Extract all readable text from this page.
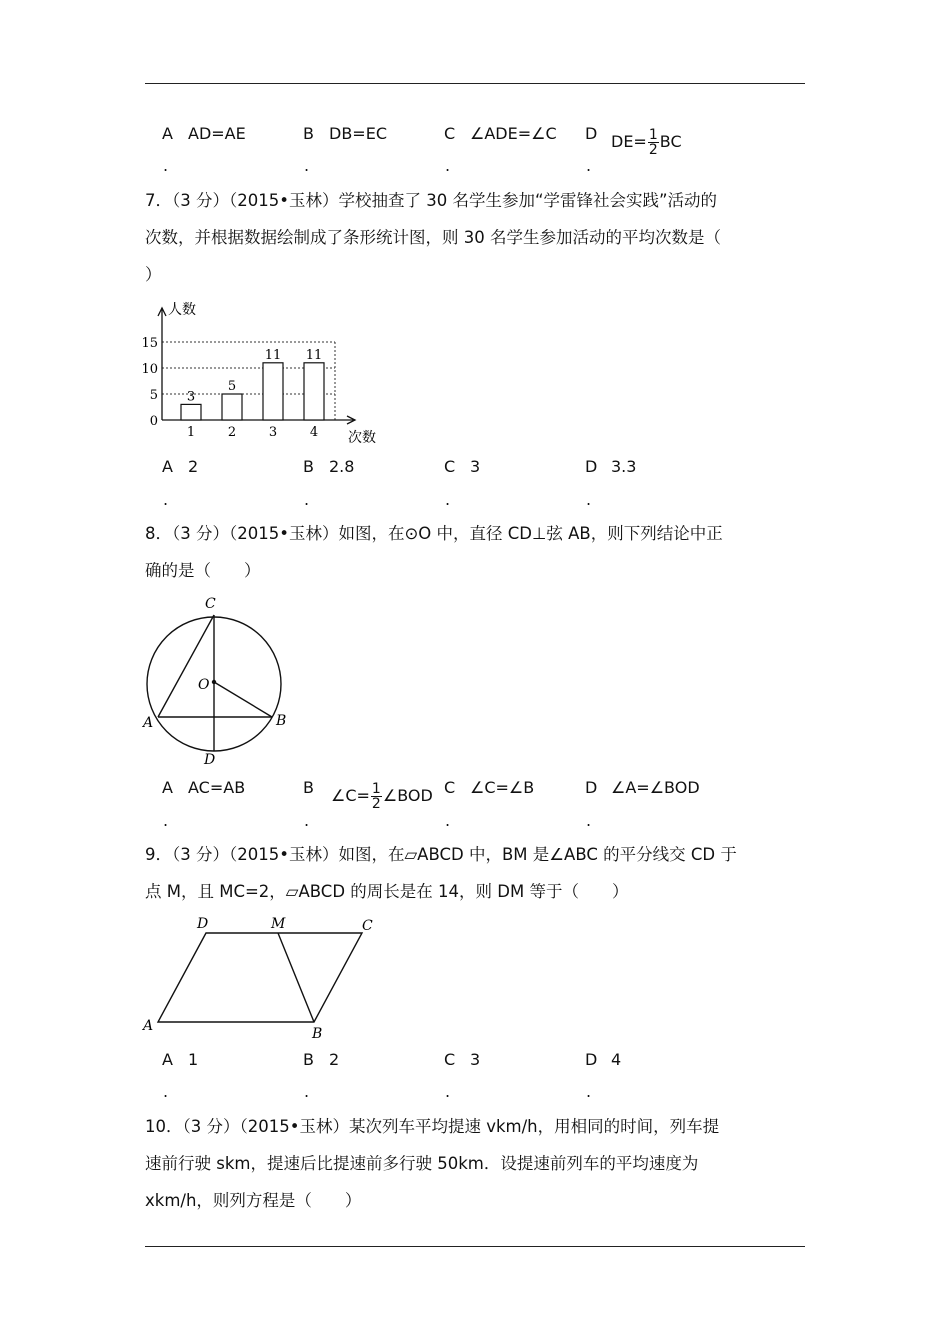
A AD=AE	B DB=EC	C ∠ADE=∠C D $DE= \frac{1}{2}$ BC
.	.	.	.

7．（3 分）（2015•玉林）学校抽查了 30 名学生参加“学雷锋社会实践”活动的

次数，并根据数据绘制成了条形统计图，则 30 名学生参加活动的平均次数是（

）

0
5
10
15
人数
次数
3
1
5
2
11
3
11
4
A 2	B 2.8	C 3	D 3.3
.	.	.	.

8．（3 分）（2015•玉林）如图，在⊙O 中，直径 CD⊥弦 AB，则下列结论中正

确的是（　　）

C
O
A	B
D
A AC=AB	B	∠C= $\frac{1}{2}$ ∠BOD C ∠C=∠B	D ∠A=∠BOD
.	.	.	.

9．（3 分）（2015•玉林）如图，在▱ABCD 中，BM 是∠ABC 的平分线交 CD 于

点 M，且 MC=2，▱ABCD 的周长是在 14，则 DM 等于（　　）

D	M	C
A	B
A 1	B 2	C 3	D 4
.	.	.	.

10．（3 分）（2015•玉林）某次列车平均提速 vkm/h，用相同的时间，列车提

速前行驶 skm，提速后比提速前多行驶 50km．设提速前列车的平均速度为

xkm/h，则列方程是（　　）
